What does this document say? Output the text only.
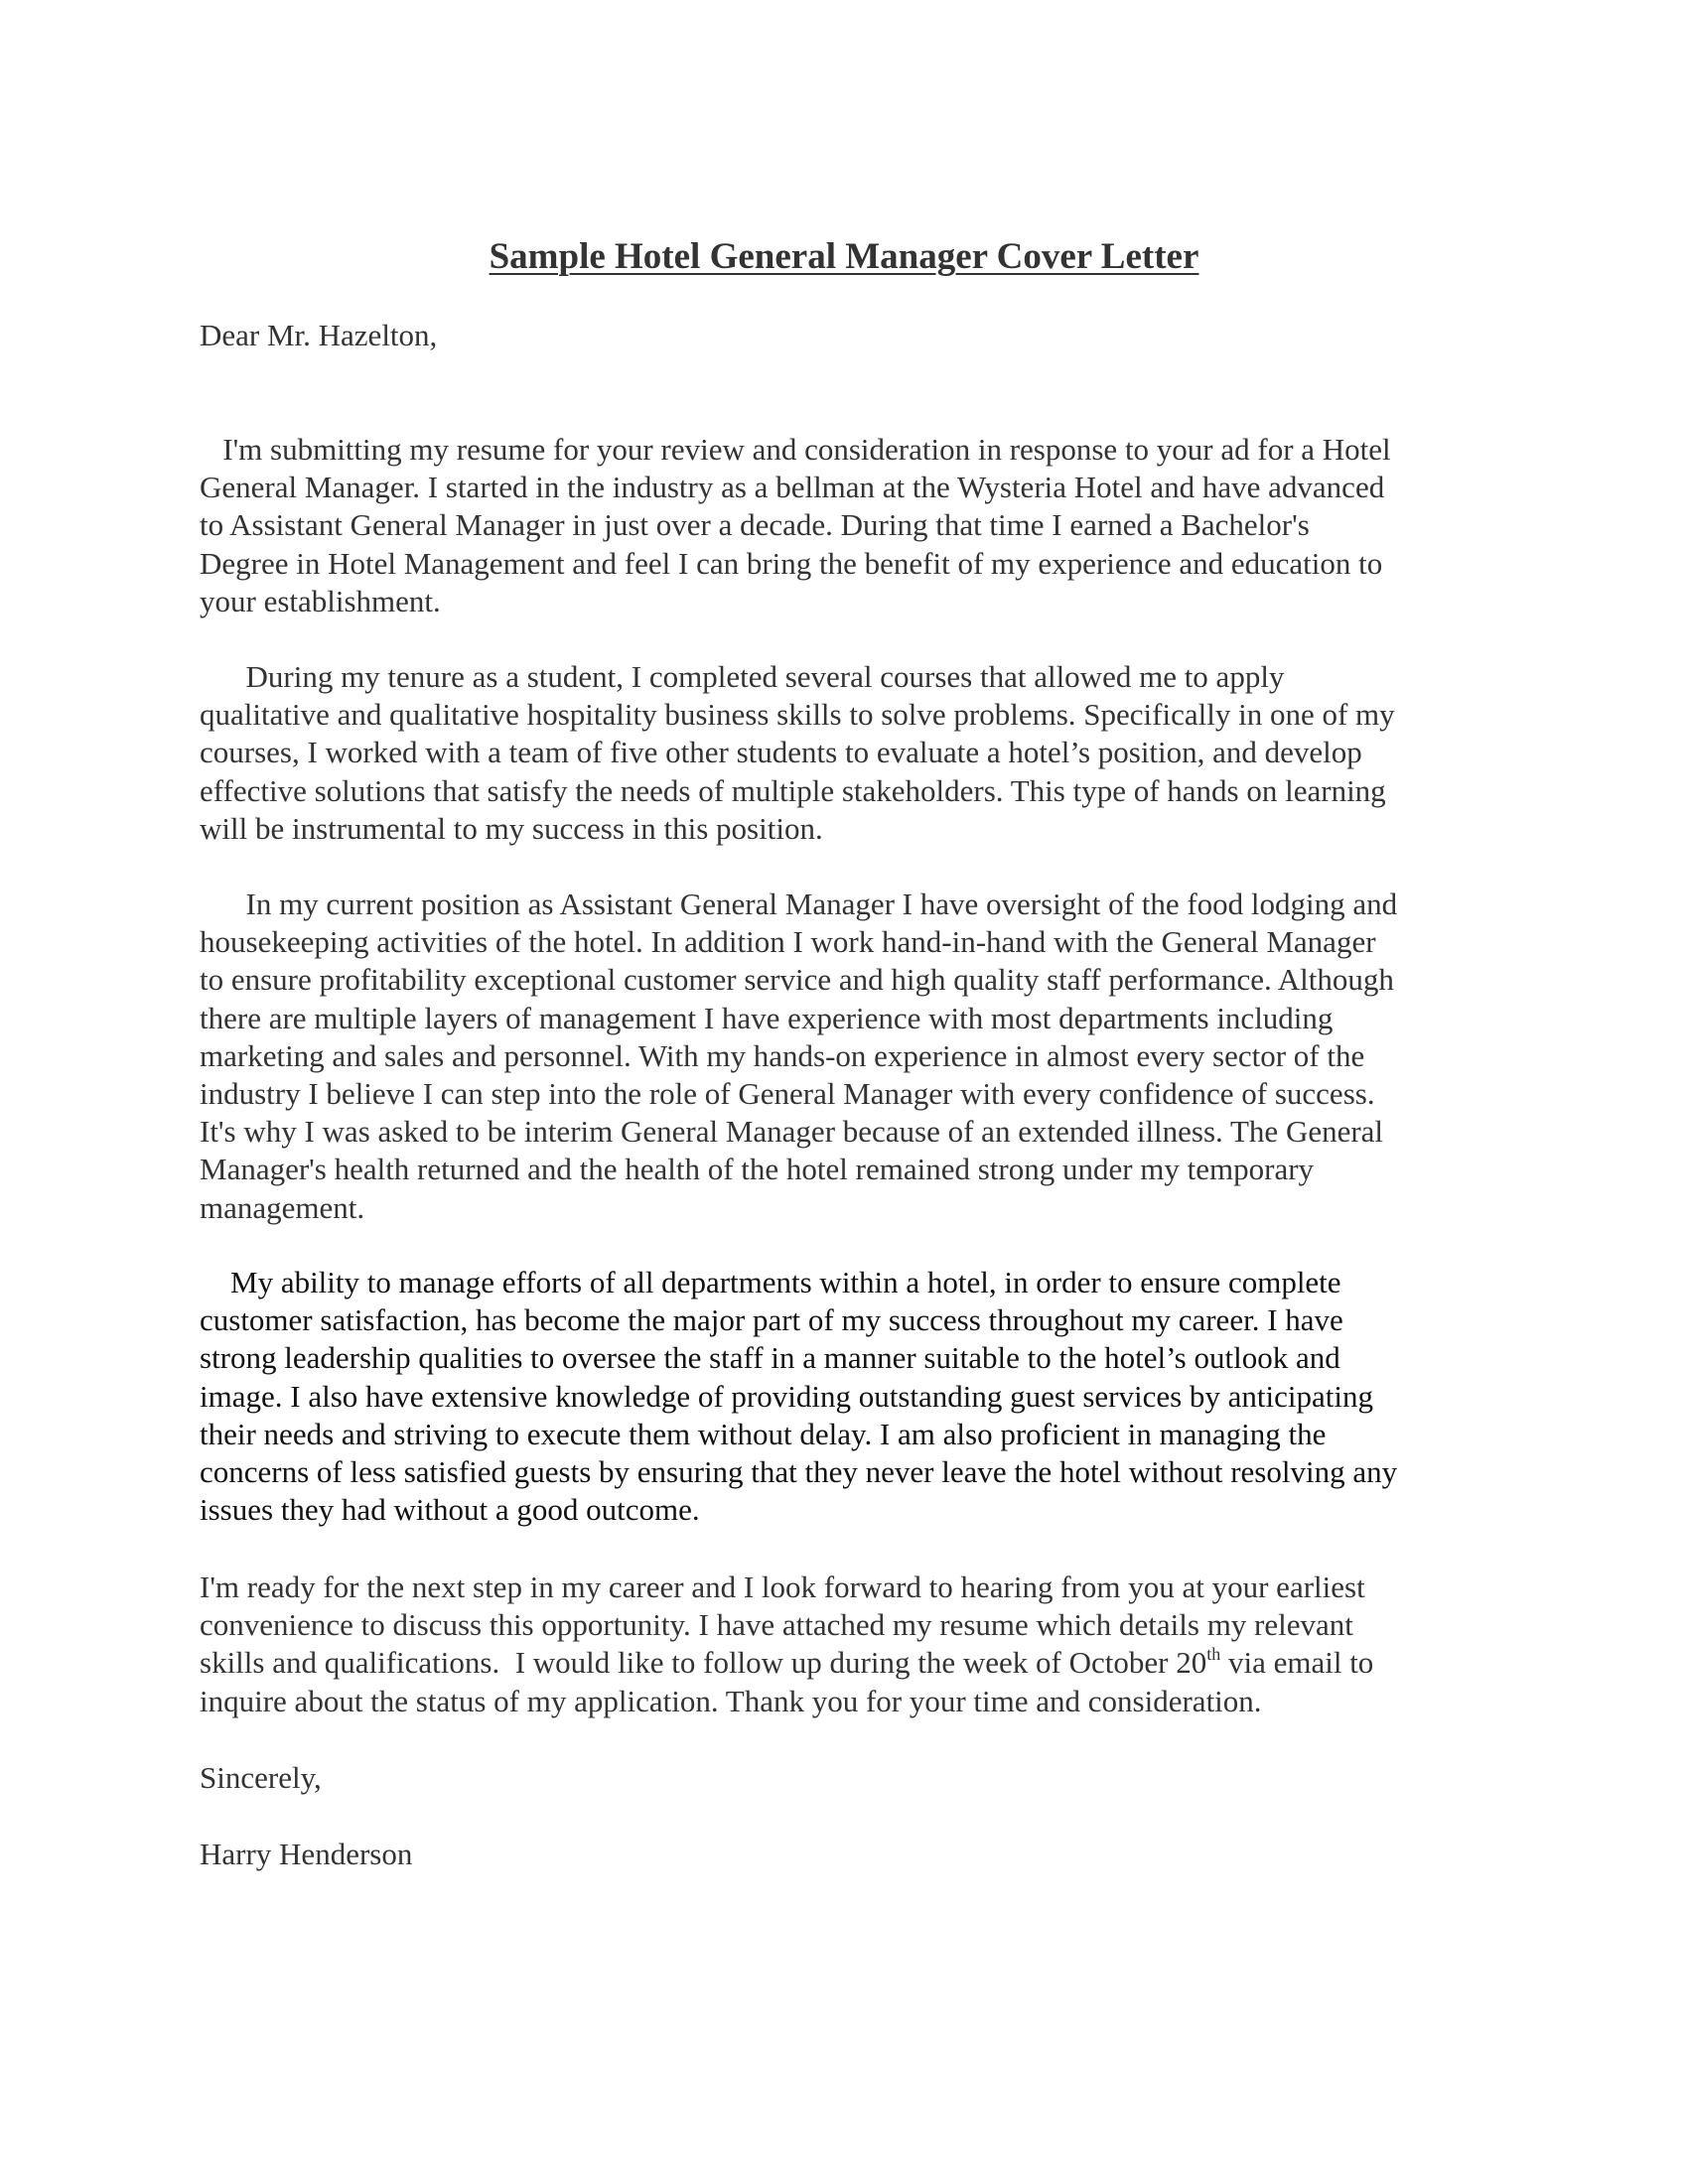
Sample Hotel General Manager Cover Letter
Dear Mr. Hazelton,
I'm submitting my resume for your review and consideration in response to your ad for a Hotel
General Manager. I started in the industry as a bellman at the Wysteria Hotel and have advanced
to Assistant General Manager in just over a decade. During that time I earned a Bachelor's
Degree in Hotel Management and feel I can bring the benefit of my experience and education to
your establishment.
During my tenure as a student, I completed several courses that allowed me to apply
qualitative and qualitative hospitality business skills to solve problems. Specifically in one of my
courses, I worked with a team of five other students to evaluate a hotel’s position, and develop
effective solutions that satisfy the needs of multiple stakeholders. This type of hands on learning
will be instrumental to my success in this position.
In my current position as Assistant General Manager I have oversight of the food lodging and
housekeeping activities of the hotel. In addition I work hand-in-hand with the General Manager
to ensure profitability exceptional customer service and high quality staff performance. Although
there are multiple layers of management I have experience with most departments including
marketing and sales and personnel. With my hands-on experience in almost every sector of the
industry I believe I can step into the role of General Manager with every confidence of success.
It's why I was asked to be interim General Manager because of an extended illness. The General
Manager's health returned and the health of the hotel remained strong under my temporary
management.
My ability to manage efforts of all departments within a hotel, in order to ensure complete
customer satisfaction, has become the major part of my success throughout my career. I have
strong leadership qualities to oversee the staff in a manner suitable to the hotel’s outlook and
image. I also have extensive knowledge of providing outstanding guest services by anticipating
their needs and striving to execute them without delay. I am also proficient in managing the
concerns of less satisfied guests by ensuring that they never leave the hotel without resolving any
issues they had without a good outcome.
I'm ready for the next step in my career and I look forward to hearing from you at your earliest
convenience to discuss this opportunity. I have attached my resume which details my relevant
skills and qualifications.  I would like to follow up during the week of October 20th via email to
inquire about the status of my application. Thank you for your time and consideration.
Sincerely,
Harry Henderson
